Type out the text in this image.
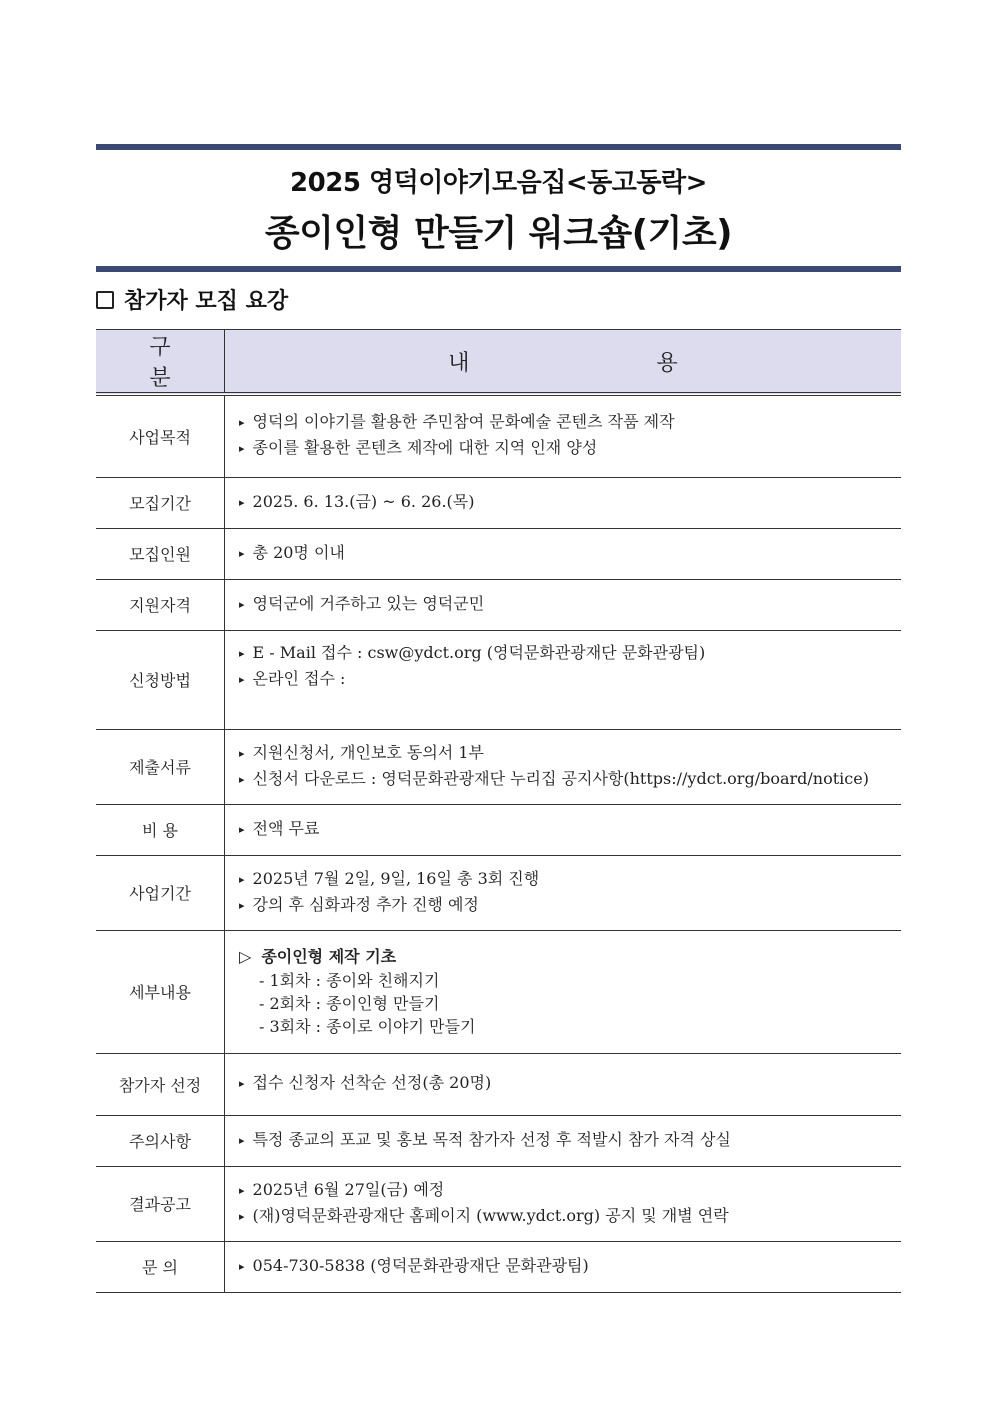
2025 영덕이야기모음집<동고동락>
종이인형 만들기 워크숍(기초)
참가자 모집 요강
구 분	내 용
사업목적	▸ 영덕의 이야기를 활용한 주민참여 문화예술 콘텐츠 작품 제작
▸ 종이를 활용한 콘텐츠 제작에 대한 지역 인재 양성

모집기간	▸ 2025. 6. 13.(금) ~ 6. 26.(목)

모집인원	▸ 총 20명 이내

지원자격	▸ 영덕군에 거주하고 있는 영덕군민

신청방법	▸ E - Mail 접수 : csw@ydct.org (영덕문화관광재단 문화관광팀)
▸ 온라인 접수 :

제출서류	▸ 지원신청서, 개인보호 동의서 1부
▸ 신청서 다운로드 : 영덕문화관광재단 누리집 공지사항(https://ydct.org/board/notice)

비 용	▸ 전액 무료

사업기간	▸ 2025년 7월 2일, 9일, 16일 총 3회 진행
▸ 강의 후 심화과정 추가 진행 예정

세부내용	▷ 종이인형 제작 기초
- 1회차 : 종이와 친해지기
- 2회차 : 종이인형 만들기
- 3회차 : 종이로 이야기 만들기

참가자 선정	▸ 접수 신청자 선착순 선정(총 20명)

주의사항	▸ 특정 종교의 포교 및 홍보 목적 참가자 선정 후 적발시 참가 자격 상실

결과공고	▸ 2025년 6월 27일(금) 예정
▸ (재)영덕문화관광재단 홈페이지 (www.ydct.org) 공지 및 개별 연락

문 의	▸ 054-730-5838 (영덕문화관광재단 문화관광팀)
